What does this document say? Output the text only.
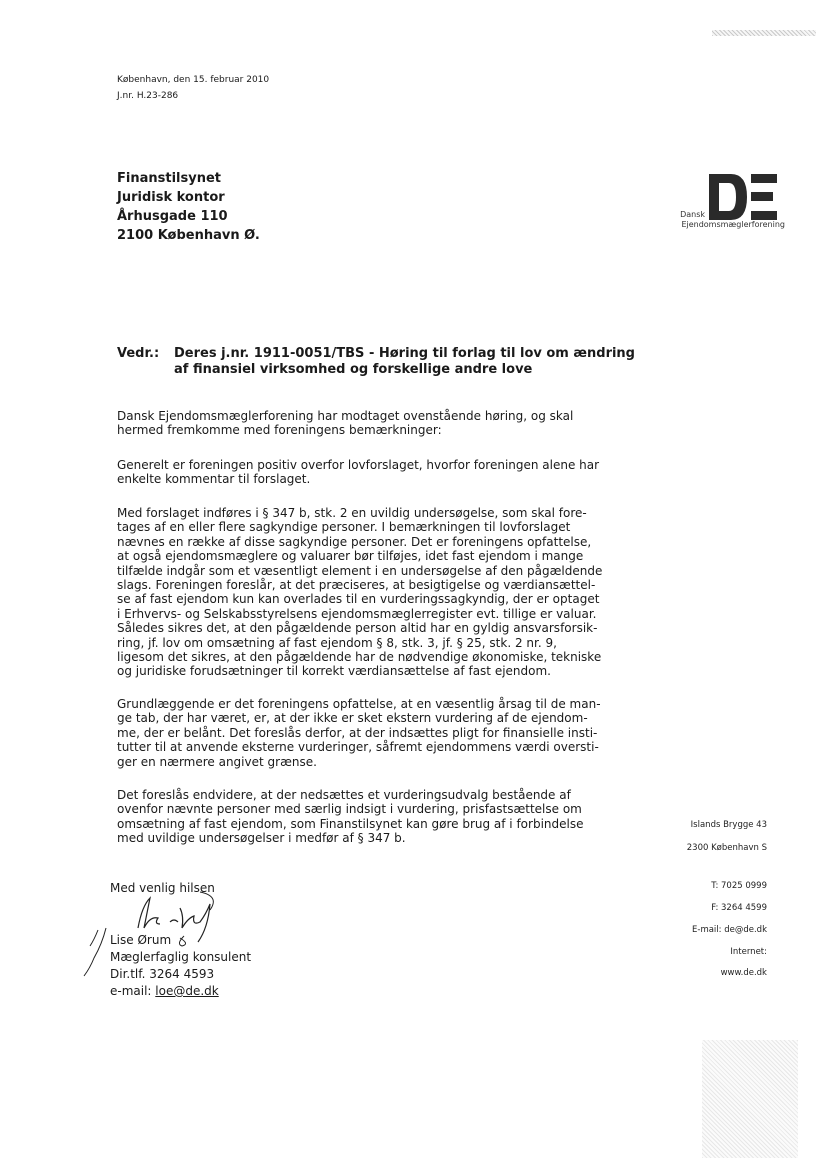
København, den 15. februar 2010
J.nr. H.23-286
Finanstilsynet
Juridisk kontor
Århusgade 110
2100 København Ø.
Dansk
Ejendomsmæglerforening
Vedr.: Deres j.nr. 1911-0051/TBS - Høring til forlag til lov om ændring
af finansiel virksomhed og forskellige andre love
Dansk Ejendomsmæglerforening har modtaget ovenstående høring, og skal
hermed fremkomme med foreningens bemærkninger:
Generelt er foreningen positiv overfor lovforslaget, hvorfor foreningen alene har
enkelte kommentar til forslaget.
Med forslaget indføres i § 347 b, stk. 2 en uvildig undersøgelse, som skal fore-
tages af en eller flere sagkyndige personer. I bemærkningen til lovforslaget
nævnes en række af disse sagkyndige personer. Det er foreningens opfattelse,
at også ejendomsmæglere og valuarer bør tilføjes, idet fast ejendom i mange
tilfælde indgår som et væsentligt element i en undersøgelse af den pågældende
slags. Foreningen foreslår, at det præciseres, at besigtigelse og værdiansættel-
se af fast ejendom kun kan overlades til en vurderingssagkyndig, der er optaget
i Erhvervs- og Selskabsstyrelsens ejendomsmæglerregister evt. tillige er valuar.
Således sikres det, at den pågældende person altid har en gyldig ansvarsforsik-
ring, jf. lov om omsætning af fast ejendom § 8, stk. 3, jf. § 25, stk. 2 nr. 9,
ligesom det sikres, at den pågældende har de nødvendige økonomiske, tekniske
og juridiske forudsætninger til korrekt værdiansættelse af fast ejendom.
Grundlæggende er det foreningens opfattelse, at en væsentlig årsag til de man-
ge tab, der har været, er, at der ikke er sket ekstern vurdering af de ejendom-
me, der er belånt. Det foreslås derfor, at der indsættes pligt for finansielle insti-
tutter til at anvende eksterne vurderinger, såfremt ejendommens værdi oversti-
ger en nærmere angivet grænse.
Det foreslås endvidere, at der nedsættes et vurderingsudvalg bestående af
ovenfor nævnte personer med særlig indsigt i vurdering, prisfastsættelse om
omsætning af fast ejendom, som Finanstilsynet kan gøre brug af i forbindelse
med uvildige undersøgelser i medfør af § 347 b.
Med venlig hilsen
Lise Ørum
Mæglerfaglig konsulent
Dir.tlf. 3264 4593
e-mail: loe@de.dk
Islands Brygge 43
2300 København S
T: 7025 0999
F: 3264 4599
E-mail: de@de.dk
Internet:
www.de.dk
